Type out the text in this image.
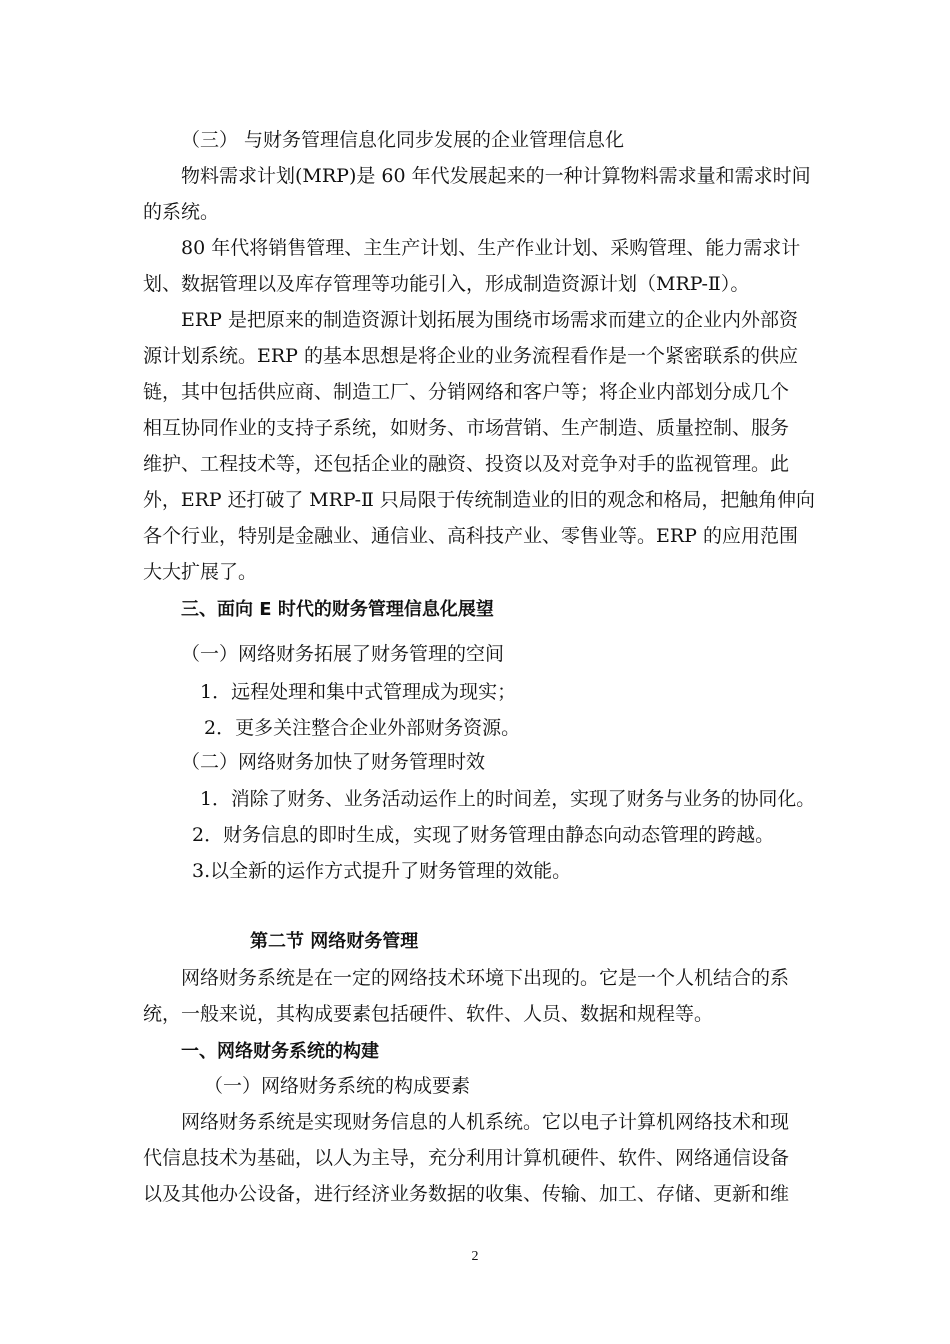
（三） 与财务管理信息化同步发展的企业管理信息化
物料需求计划(MRP)是 60 年代发展起来的一种计算物料需求量和需求时间
的系统。
80 年代将销售管理、主生产计划、生产作业计划、采购管理、能力需求计
划、数据管理以及库存管理等功能引入，形成制造资源计划（MRP-Ⅱ）。
ERP 是把原来的制造资源计划拓展为围绕市场需求而建立的企业内外部资
源计划系统。ERP 的基本思想是将企业的业务流程看作是一个紧密联系的供应
链，其中包括供应商、制造工厂、分销网络和客户等；将企业内部划分成几个
相互协同作业的支持子系统，如财务、市场营销、生产制造、质量控制、服务
维护、工程技术等，还包括企业的融资、投资以及对竞争对手的监视管理。此
外，ERP 还打破了 MRP-Ⅱ 只局限于传统制造业的旧的观念和格局，把触角伸向
各个行业，特别是金融业、通信业、高科技产业、零售业等。ERP 的应用范围
大大扩展了。
三、面向 E 时代的财务管理信息化展望
（一）网络财务拓展了财务管理的空间
1．远程处理和集中式管理成为现实；
2．更多关注整合企业外部财务资源。
（二）网络财务加快了财务管理时效
1．消除了财务、业务活动运作上的时间差，实现了财务与业务的协同化。
2．财务信息的即时生成，实现了财务管理由静态向动态管理的跨越。
3.以全新的运作方式提升了财务管理的效能。
第二节 网络财务管理
网络财务系统是在一定的网络技术环境下出现的。它是一个人机结合的系
统，一般来说，其构成要素包括硬件、软件、人员、数据和规程等。
一、网络财务系统的构建
（一）网络财务系统的构成要素
网络财务系统是实现财务信息的人机系统。它以电子计算机网络技术和现
代信息技术为基础，以人为主导，充分利用计算机硬件、软件、网络通信设备
以及其他办公设备，进行经济业务数据的收集、传输、加工、存储、更新和维
2
